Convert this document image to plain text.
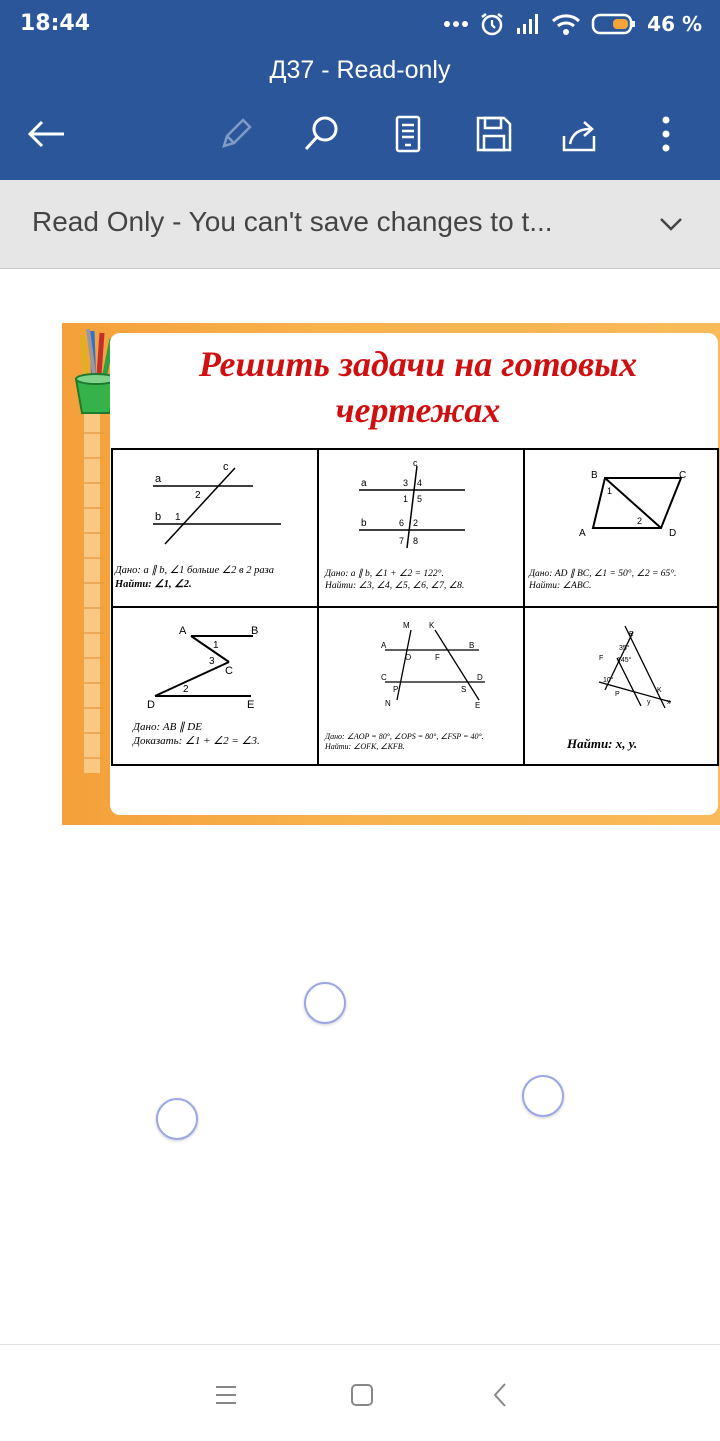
18:44	46 %
Д37 - Read-only
Read Only - You can't save changes to t...
Решить задачи на готовых
чертежах
a
b
c
1
2
Дано: a ∥ b, ∠1 больше ∠2 в 2 раза
Найти: ∠1, ∠2.
c
a
b
3 4
1 5
6 2
7 8
Дано: a ∥ b, ∠1 + ∠2 = 122°.
Найти: ∠3, ∠4, ∠5, ∠6, ∠7, ∠8.
B	C
A	D
1
2
Дано: AD ∥ BC, ∠1 = 50°, ∠2 = 65°.
Найти: ∠ABC.
A	B
C
D	E
1
3
2
Дано: AB ∥ DE
Доказать: ∠1 + ∠2 = ∠3.
M K
A
O	F
B
C	D
P	S
N	E
Дано: ∠AOP = 80°, ∠OPS = 80°, ∠FSP = 40°.
Найти: ∠OFK, ∠KFB.
E
35°
F 145°
10°
P
K
y x
Найти: x, y.
